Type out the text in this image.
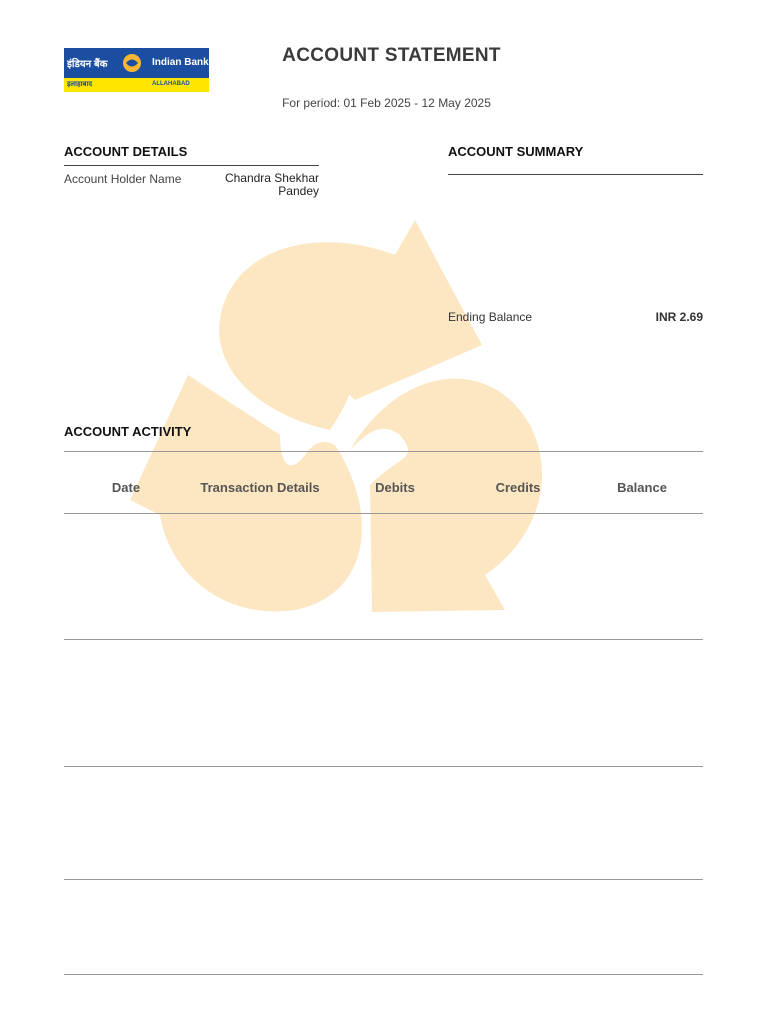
इंडियन बैंक	Indian Bank
इलाहाबाद	ALLAHABAD
ACCOUNT STATEMENT
For period: 01 Feb 2025 - 12 May 2025
ACCOUNT DETAILS
Account Holder Name	Chandra Shekhar Pandey
ACCOUNT SUMMARY
Ending Balance	INR 2.69
ACCOUNT ACTIVITY
Date	Transaction Details	Debits	Credits	Balance
